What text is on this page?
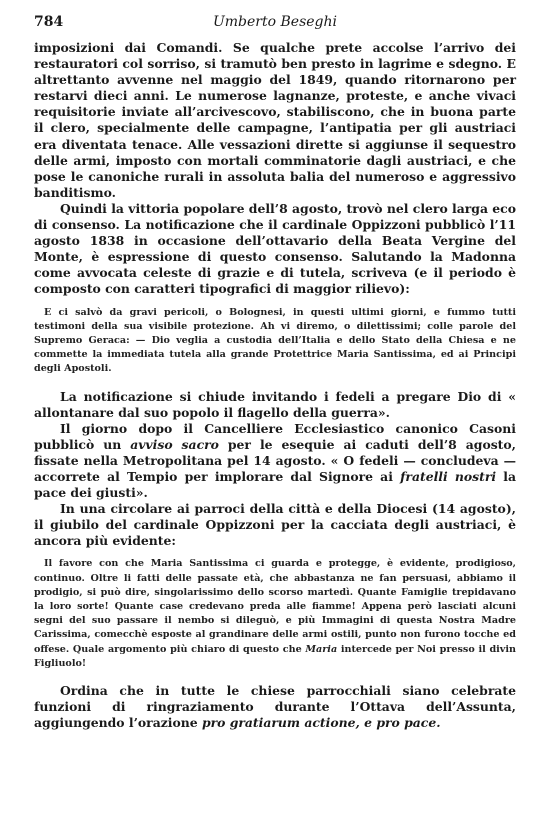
784	Umberto Beseghi

imposizioni dai Comandi. Se qualche prete accolse l’arrivo dei restauratori col sorriso, si tramutò ben presto in lagrime e sdegno. E altrettanto avvenne nel maggio del 1849, quando ritornarono per restarvi dieci anni. Le numerose lagnanze, proteste, e anche vivaci requisitorie inviate all’arcivescovo, stabiliscono, che in buona parte il clero, specialmente delle campagne, l’antipatia per gli austriaci era diventata tenace. Alle vessazioni dirette si aggiunse il sequestro delle armi, imposto con mortali comminatorie dagli austriaci, e che pose le canoniche rurali in assoluta balia del numeroso e aggressivo banditismo.

Quindi la vittoria popolare dell’8 agosto, trovò nel clero larga eco di consenso. La notificazione che il cardinale Oppizzoni pubblicò l’11 agosto 1838 in occasione dell’ottavario della Beata Vergine del Monte, è espressione di questo consenso. Salutando la Madonna come avvocata celeste di grazie e di tutela, scriveva (e il periodo è composto con caratteri tipografici di maggior rilievo):

E ci salvò da gravi pericoli, o Bolognesi, in questi ultimi giorni, e fummo tutti testimoni della sua visibile protezione. Ah vi diremo, o dilettissimi; colle parole del Supremo Geraca: — Dio veglia a custodia dell’Italia e dello Stato della Chiesa e ne commette la immediata tutela alla grande Protettrice Maria Santissima, ed ai Principi degli Apostoli.

La notificazione si chiude invitando i fedeli a pregare Dio di « allontanare dal suo popolo il flagello della guerra».

Il giorno dopo il Cancelliere Ecclesiastico canonico Casoni pubblicò un avviso sacro per le esequie ai caduti dell’8 agosto, fissate nella Metropolitana pel 14 agosto. « O fedeli — concludeva — accorrete al Tempio per implorare dal Signore ai fratelli nostri la pace dei giusti».

In una circolare ai parroci della città e della Diocesi (14 agosto), il giubilo del cardinale Oppizzoni per la cacciata degli austriaci, è ancora più evidente:

Il favore con che Maria Santissima ci guarda e protegge, è evidente, prodigioso, continuo. Oltre li fatti delle passate età, che abbastanza ne fan persuasi, abbiamo il prodigio, si può dire, singolarissimo dello scorso martedì. Quante Famiglie trepidavano la loro sorte! Quante case credevano preda alle fiamme! Appena però lasciati alcuni segni del suo passare il nembo si dileguò, e più Immagini di questa Nostra Madre Carissima, comecchè esposte al grandinare delle armi ostili, punto non furono tocche ed offese. Quale argomento più chiaro di questo che Maria intercede per Noi presso il divin Figliuolo!

Ordina che in tutte le chiese parrocchiali siano celebrate funzioni di ringraziamento durante l’Ottava dell’Assunta, aggiungendo l’orazione pro gratiarum actione, e pro pace.
